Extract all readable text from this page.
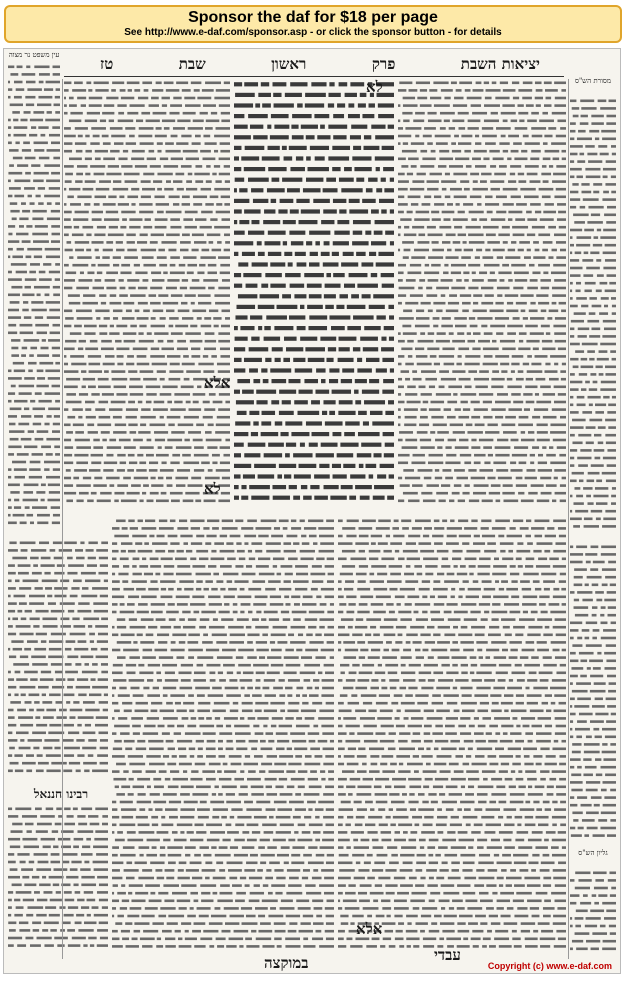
Sponsor the daf for $18 per page
See http://www.e-daf.com/sponsor.asp - or click the sponsor button - for details
יציאות השבת
פרק
ראשון
שבת
טז
עין משפט נר מצוה
מסורת הש"ס
רבינו חננאל
גליון הש"ס
לא
אלא
לא
אלא
עבדי
במוקצה	Copyright (c) www.e-daf.com
